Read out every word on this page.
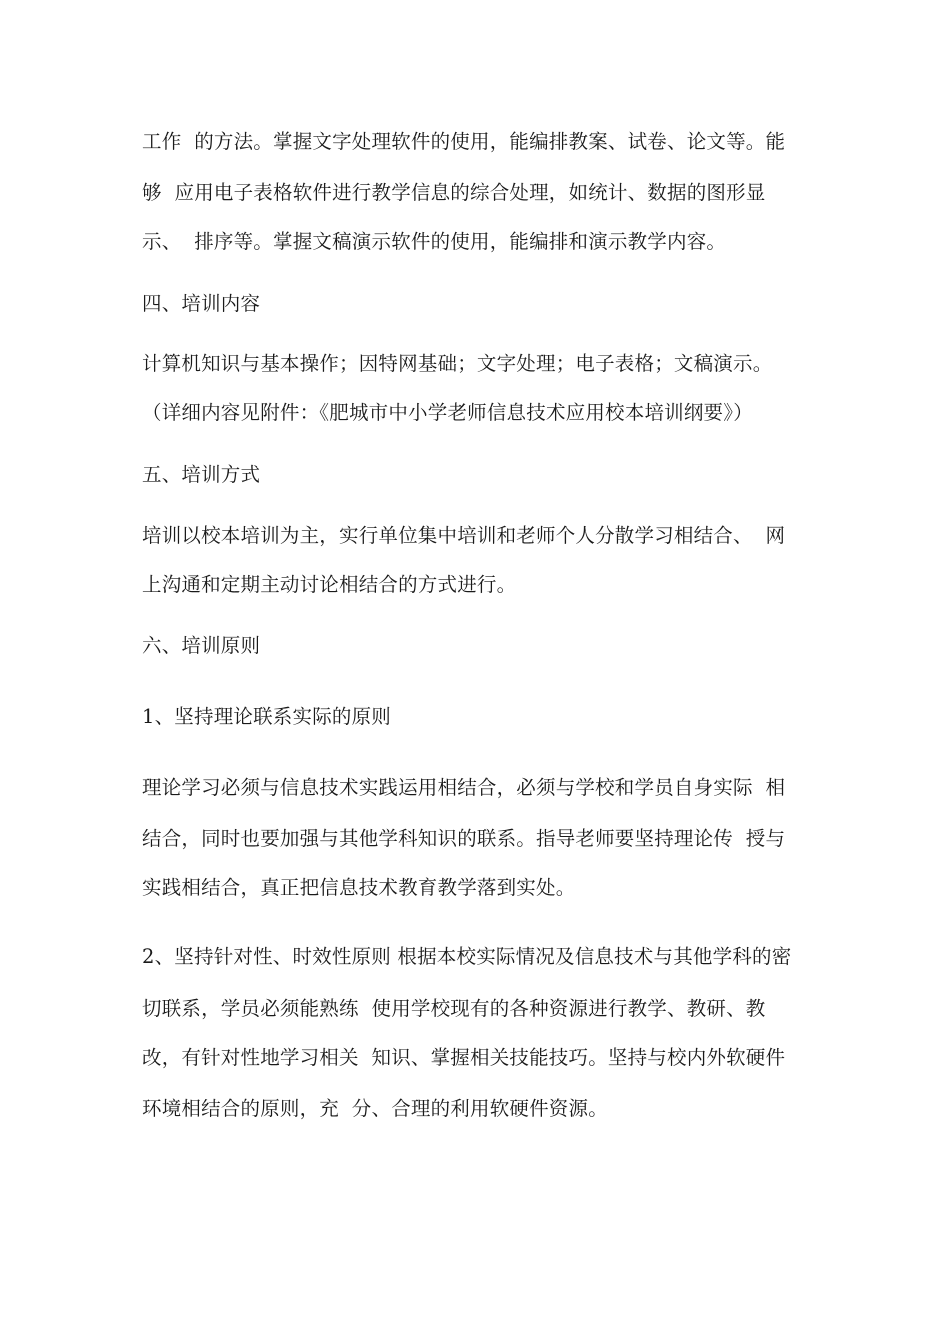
工作  的方法。掌握文字处理软件的使用，能编排教案、试卷、论文等。能
够  应用电子表格软件进行教学信息的综合处理，如统计、数据的图形显
示、  排序等。掌握文稿演示软件的使用，能编排和演示教学内容。
四、培训内容
计算机知识与基本操作；因特网基础；文字处理；电子表格；文稿演示。
（详细内容见附件：《肥城市中小学老师信息技术应用校本培训纲要》）
五、培训方式
培训以校本培训为主，实行单位集中培训和老师个人分散学习相结合、  网
上沟通和定期主动讨论相结合的方式进行。
六、培训原则
1、坚持理论联系实际的原则
理论学习必须与信息技术实践运用相结合，必须与学校和学员自身实际  相
结合，同时也要加强与其他学科知识的联系。指导老师要坚持理论传  授与
实践相结合，真正把信息技术教育教学落到实处。
2、坚持针对性、时效性原则 根据本校实际情况及信息技术与其他学科的密
切联系，学员必须能熟练  使用学校现有的各种资源进行教学、教研、教
改，有针对性地学习相关  知识、掌握相关技能技巧。坚持与校内外软硬件
环境相结合的原则，充  分、合理的利用软硬件资源。
